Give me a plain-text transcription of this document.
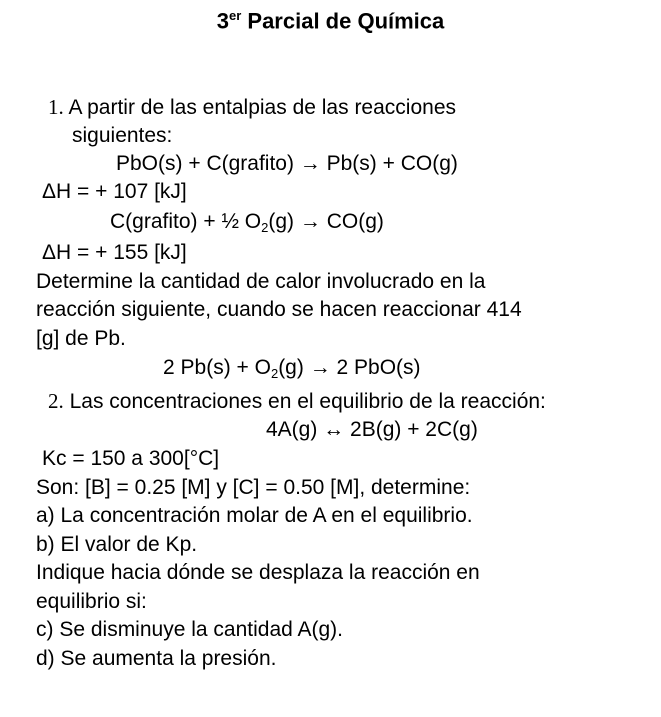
3er Parcial de Química
1. A partir de las entalpias de las reacciones
siguientes:
PbO(s) + C(grafito) → Pb(s) + CO(g)
ΔH = + 107 [kJ]
C(grafito) + ½ $O_2(g) \to CO(g)$
ΔH = + 155 [kJ]
Determine la cantidad de calor involucrado en la
reacción siguiente, cuando se hacen reaccionar 414
[g] de Pb.
2 $Pb(s) + O_2(g) \to 2$ PbO(s)
2. Las concentraciones en el equilibrio de la reacción:
4A(g) ↔ 2B(g) + 2C(g)
Kc = 150 a 300[°C]
Son: [B] = 0.25 [M] y [C] = 0.50 [M], determine:
a) La concentración molar de A en el equilibrio.
b) El valor de Kp.
Indique hacia dónde se desplaza la reacción en
equilibrio si:
c) Se disminuye la cantidad A(g).
d) Se aumenta la presión.
